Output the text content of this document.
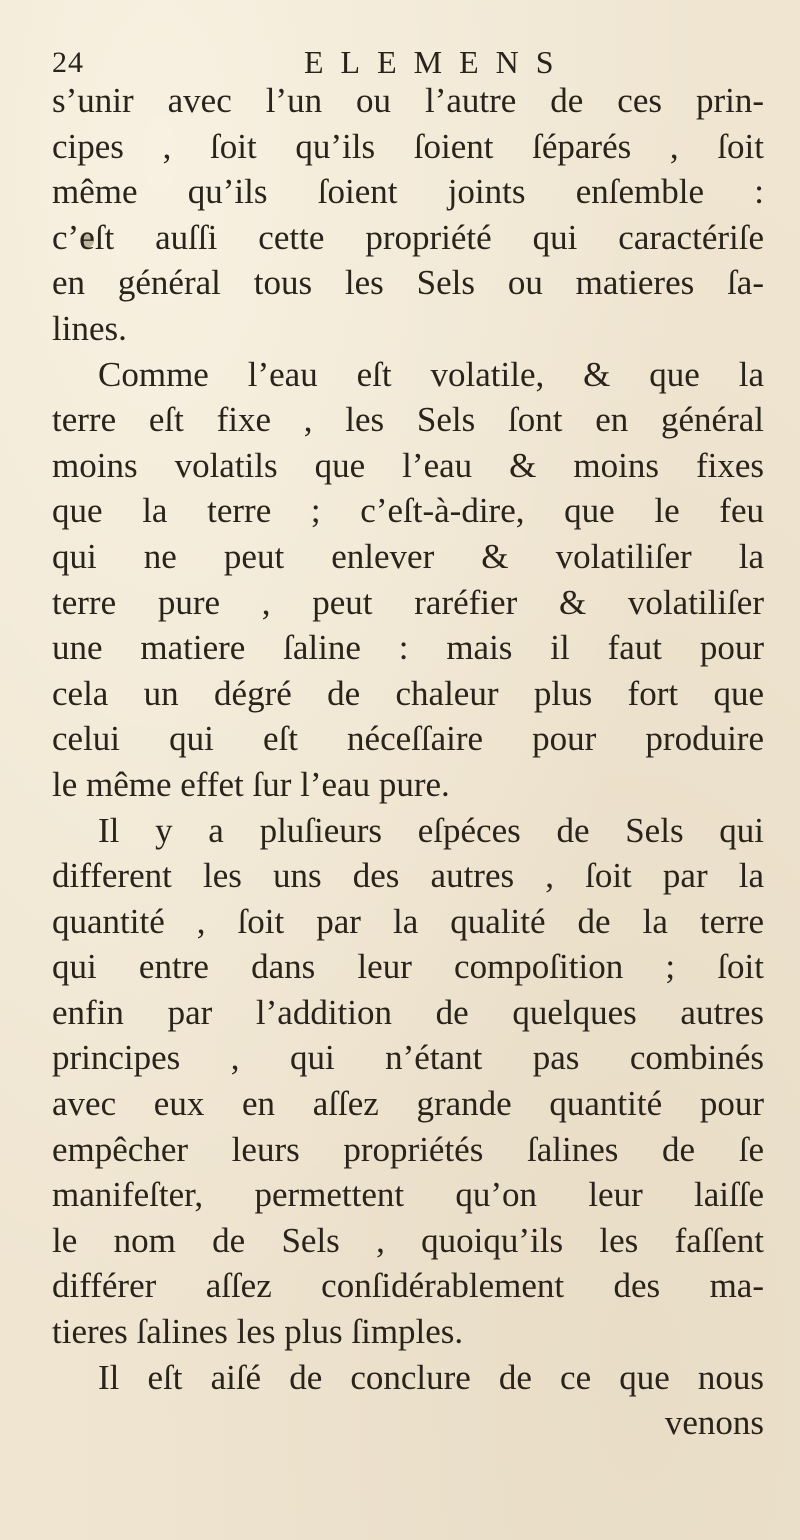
24	ELEMENS
s’unir avec l’un ou l’autre de ces prin-
cipes , ſoit qu’ils ſoient ſéparés , ſoit
même qu’ils ſoient joints enſemble :
c’eſt auſſi cette propriété qui caractériſe
en général tous les Sels ou matieres ſa-
lines.
Comme l’eau eſt volatile, & que la
terre eſt fixe , les Sels ſont en général
moins volatils que l’eau & moins fixes
que la terre ; c’eſt-à-dire, que le feu
qui ne peut enlever & volatiliſer la
terre pure , peut raréfier & volatiliſer
une matiere ſaline : mais il faut pour
cela un dégré de chaleur plus fort que
celui qui eſt néceſſaire pour produire
le même effet ſur l’eau pure.
Il y a pluſieurs eſpéces de Sels qui
different les uns des autres , ſoit par la
quantité , ſoit par la qualité de la terre
qui entre dans leur compoſition ; ſoit
enfin par l’addition de quelques autres
principes , qui n’étant pas combinés
avec eux en aſſez grande quantité pour
empêcher leurs propriétés ſalines de ſe
manifeſter, permettent qu’on leur laiſſe
le nom de Sels , quoiqu’ils les faſſent
différer aſſez conſidérablement des ma-
tieres ſalines les plus ſimples.
Il eſt aiſé de conclure de ce que nous
venons
